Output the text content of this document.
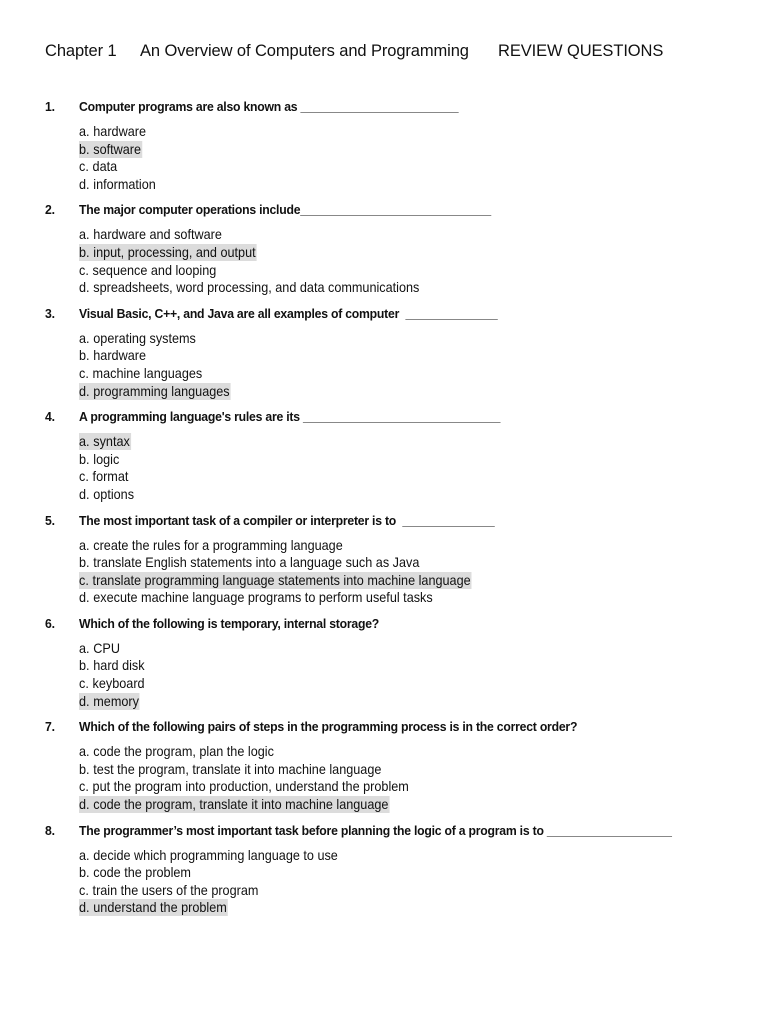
Chapter 1 An Overview of Computers and Programming REVIEW QUESTIONS
1.	Computer programs are also known as ________________________
a. hardware
b. software
c. data
d. information
2.	The major computer operations include_____________________________
a. hardware and software
b. input, processing, and output
c. sequence and looping
d. spreadsheets, word processing, and data communications
3.	Visual Basic, C++, and Java are all examples of computer  ______________
a. operating systems
b. hardware
c. machine languages
d. programming languages
4.	A programming language's rules are its ______________________________
a. syntax
b. logic
c. format
d. options
5.	The most important task of a compiler or interpreter is to  ______________
a. create the rules for a programming language
b. translate English statements into a language such as Java
c. translate programming language statements into machine language
d. execute machine language programs to perform useful tasks
6.	Which of the following is temporary, internal storage?
a. CPU
b. hard disk
c. keyboard
d. memory
7.	Which of the following pairs of steps in the programming process is in the correct order?
a. code the program, plan the logic
b. test the program, translate it into machine language
c. put the program into production, understand the problem
d. code the program, translate it into machine language
8.	The programmer’s most important task before planning the logic of a program is to ___________________
a. decide which programming language to use
b. code the problem
c. train the users of the program
d. understand the problem
